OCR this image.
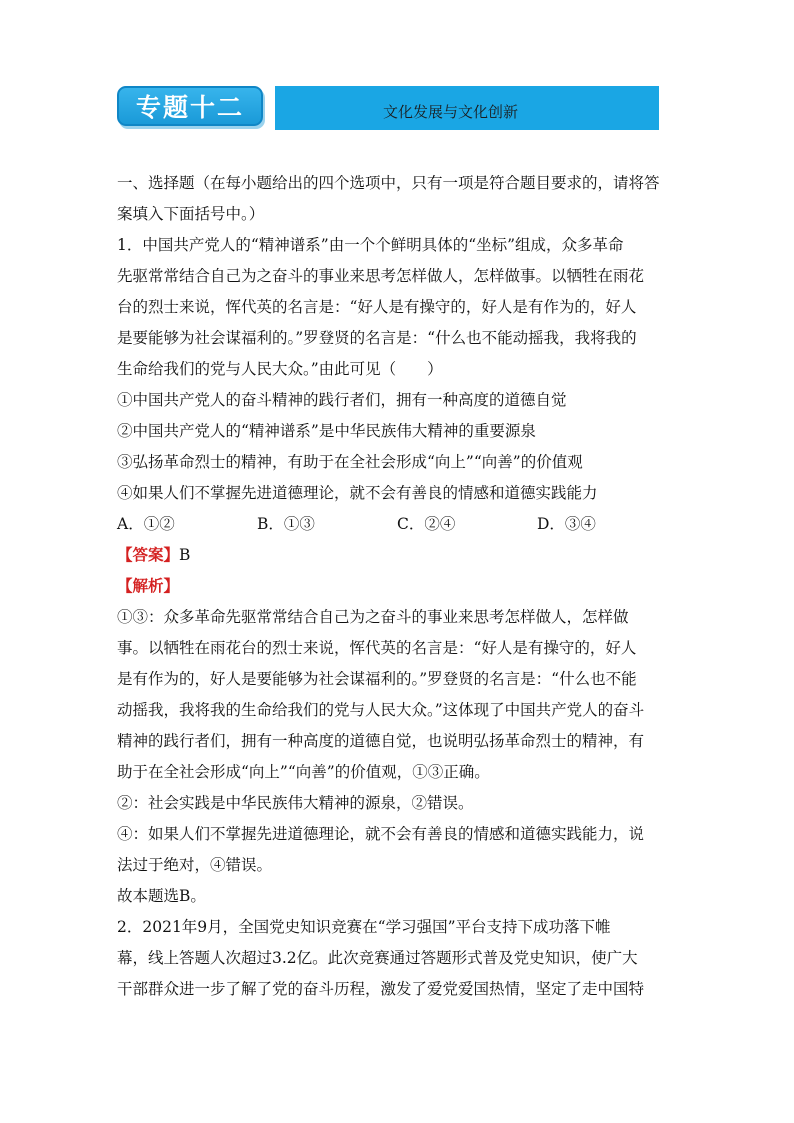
专题十二	文化发展与文化创新
一、选择题（在每小题给出的四个选项中，只有一项是符合题目要求的，请将答
案填入下面括号中。）
1．中国共产党人的“精神谱系”由一个个鲜明具体的“坐标”组成，众多革命
先驱常常结合自己为之奋斗的事业来思考怎样做人，怎样做事。以牺牲在雨花
台的烈士来说，恽代英的名言是：“好人是有操守的，好人是有作为的，好人
是要能够为社会谋福利的。”罗登贤的名言是：“什么也不能动摇我，我将我的
生命给我们的党与人民大众。”由此可见（　　）
①中国共产党人的奋斗精神的践行者们，拥有一种高度的道德自觉
②中国共产党人的“精神谱系”是中华民族伟大精神的重要源泉
③弘扬革命烈士的精神，有助于在全社会形成“向上”“向善”的价值观
④如果人们不掌握先进道德理论，就不会有善良的情感和道德实践能力
A．①②	B．①③	C．②④	D．③④
【答案】B
【解析】
①③：众多革命先驱常常结合自己为之奋斗的事业来思考怎样做人，怎样做
事。以牺牲在雨花台的烈士来说，恽代英的名言是：“好人是有操守的，好人
是有作为的，好人是要能够为社会谋福利的。”罗登贤的名言是：“什么也不能
动摇我，我将我的生命给我们的党与人民大众。”这体现了中国共产党人的奋斗
精神的践行者们，拥有一种高度的道德自觉，也说明弘扬革命烈士的精神，有
助于在全社会形成“向上”“向善”的价值观，①③正确。
②：社会实践是中华民族伟大精神的源泉，②错误。
④：如果人们不掌握先进道德理论，就不会有善良的情感和道德实践能力，说
法过于绝对，④错误。
故本题选B。
2．2021年9月，全国党史知识竞赛在“学习强国”平台支持下成功落下帷
幕，线上答题人次超过3.2亿。此次竞赛通过答题形式普及党史知识，使广大
干部群众进一步了解了党的奋斗历程，激发了爱党爱国热情，坚定了走中国特
